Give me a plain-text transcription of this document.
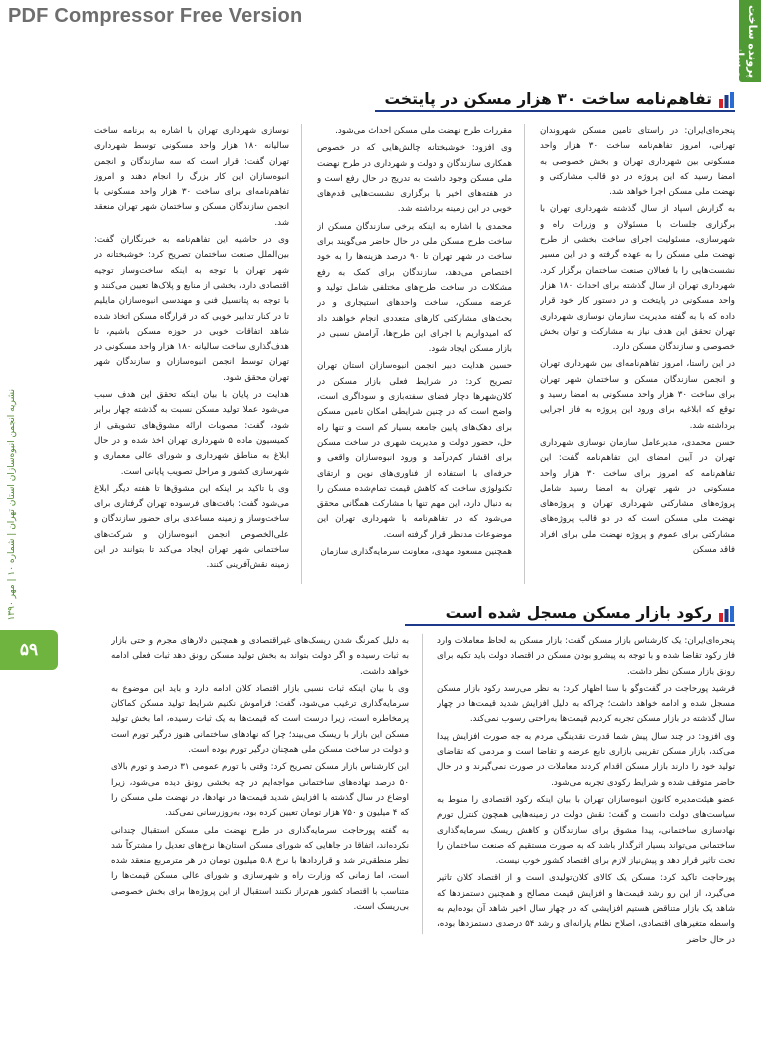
PDF Compressor Free Version	پرونده ساخت و ساز
نشریه انجمن انبوه‌سازان استان تهران | شماره ۱۰ | مهر ۱۳۹۰
۵۹
تفاهم‌نامه ساخت ۳۰ هزار مسکن در پایتخت

پنجره‌ای‌ایران: در راستای تامین مسکن شهروندان تهرانی، امروز تفاهم‌نامه ساخت ۳۰ هزار واحد مسکونی بین شهرداری تهران و بخش خصوصی به امضا رسید که این پروژه در دو قالب مشارکتی و نهضت ملی مسکن اجرا خواهد شد.

به گزارش اسپاد از سال گذشته شهرداری تهران با برگزاری جلسات با مسئولان و وزرات راه و شهرسازی، مسئولیت اجرای ساخت بخشی از طرح نهضت ملی مسکن را به عهده گرفته و در این مسیر نشست‌هایی را با فعالان صنعت ساختمان برگزار کرد. شهرداری تهران از سال گذشته برای احداث ۱۸۰ هزار واحد مسکونی در پایتخت و در دستور کار خود قرار داده که با به گفته مدیریت سازمان نوسازی شهرداری تهران تحقق این هدف نیاز به مشارکت و توان بخش خصوصی و سازندگان مسکن دارد.

در این راستا، امروز تفاهم‌نامه‌ای بین شهرداری تهران و انجمن سازندگان مسکن و ساختمان شهر تهران برای ساخت ۳۰ هزار واحد مسکونی به امضا رسید و توقع که ابلاغیه برای ورود این پروژه به فاز اجرایی برداشته شد.

حسن محمدی، مدیرعامل سازمان نوسازی شهرداری تهران در آیین امضای این تفاهم‌نامه گفت: این تفاهم‌نامه که امروز برای ساخت ۳۰ هزار واحد مسکونی در شهر تهران به امضا رسید شامل پروژه‌های مشارکتی شهرداری تهران و پروژه‌های نهضت ملی مسکن است که در دو قالب پروژه‌های مشارکتی برای عموم و پروژه نهضت ملی برای افراد فاقد مسکن

مقررات طرح نهضت ملی مسکن احداث می‌شود.

وی افزود: خوشبختانه چالش‌هایی که در خصوص همکاری سازندگان و دولت و شهرداری در طرح نهضت ملی مسکن وجود داشت به تدریج در حال رفع است و در هفته‌های اخیر با برگزاری نشست‌هایی قدم‌های خوبی در این زمینه برداشته شد.

محمدی با اشاره به اینکه برخی سازندگان مسکن از ساخت طرح مسکن ملی در حال حاضر می‌گویند برای ساخت در شهر تهران تا ۹۰ درصد هزینه‌ها را به خود اختصاص می‌دهد، سازندگان برای کمک به رفع مشکلات در ساخت طرح‌های مختلفی شامل تولید و عرضه مسکن، ساخت واحدهای استیجاری و در بحث‌های مشارکتی کارهای متعددی انجام خواهند داد که امیدواریم با اجرای این طرح‌ها، آرامش نسبی در بازار مسکن ایجاد شود.

حسین هدایت دبیر انجمن انبوه‌سازان استان تهران تصریح کرد: در شرایط فعلی بازار مسکن در کلان‌شهرها دچار فضای سفته‌بازی و سوداگری است، واضح است که در چنین شرایطی امکان تامین مسکن برای دهک‌های پایین جامعه بسیار کم است و تنها راه حل، حضور دولت و مدیریت شهری در ساخت مسکن برای اقشار کم‌درآمد و ورود انبوه‌سازان واقعی و حرفه‌ای با استفاده از فناوری‌های نوین و ارتقای تکنولوژی ساخت که کاهش قیمت تمام‌شده مسکن را به دنبال دارد، این مهم تنها با مشارکت همگانی محقق می‌شود که در تفاهم‌نامه با شهرداری تهران این موضوعات مدنظر قرار گرفته است.

همچنین مسعود مهدی، معاونت سرمایه‌گذاری سازمان

نوسازی شهرداری تهران با اشاره به برنامه ساخت سالیانه ۱۸۰ هزار واحد مسکونی توسط شهرداری تهران گفت: قرار است که سه سازندگان و انجمن انبوه‌سازان این کار بزرگ را انجام دهند و امروز تفاهم‌نامه‌ای برای ساخت ۳۰ هزار واحد مسکونی با انجمن سازندگان مسکن و ساختمان شهر تهران منعقد شد.

وی در حاشیه این تفاهم‌نامه به خبرنگاران گفت: بین‌الملل صنعت ساختمان تصریح کرد: خوشبختانه در شهر تهران با توجه به اینکه ساخت‌وساز توجیه اقتصادی دارد، بخشی از منابع و پلاک‌ها تعیین می‌کنند و با توجه به پتانسیل فنی و مهندسی انبوه‌سازان مایلیم تا در کنار تدابیر خوبی که در قرارگاه مسکن اتخاذ شده شاهد اتفاقات خوبی در حوزه مسکن باشیم، تا هدف‌گذاری ساخت سالیانه ۱۸۰ هزار واحد مسکونی در تهران توسط انجمن انبوه‌سازان و سازندگان شهر تهران محقق شود.

هدایت در پایان با بیان اینکه تحقق این هدف سبب می‌شود عملا تولید مسکن نسبت به گذشته چهار برابر شود، گفت: مصوبات ارائه مشوق‌های تشویقی از کمیسیون ماده ۵ شهرداری تهران اخذ شده و در حال ابلاغ به مناطق شهرداری و شورای عالی معماری و شهرسازی کشور و مراحل تصویب پایانی است.

وی با تاکید بر اینکه این مشوق‌ها تا هفته دیگر ابلاغ می‌شود گفت: بافت‌های فرسوده تهران گرفتاری برای ساخت‌وساز و زمینه مساعدی برای حضور سازندگان و علی‌الخصوص انجمن انبوه‌سازان و شرکت‌های ساختمانی شهر تهران ایجاد می‌کند تا بتوانند در این زمینه نقش‌آفرینی کنند.

رکود بازار مسکن مسجل شده است

پنجره‌ای‌ایران: یک کارشناس بازار مسکن گفت: بازار مسکن به لحاظ معاملات وارد فاز رکود تقاضا شده و با توجه به پیشرو بودن مسکن در اقتصاد دولت باید تکیه برای رونق بازار مسکن نظر داشت.

فرشید پورحاجت در گفت‌وگو با سنا اظهار کرد: به نظر می‌رسد رکود بازار مسکن مسجل شده و ادامه خواهد داشت؛ چراکه به دلیل افزایش شدید قیمت‌ها در چهار سال گذشته در بازار مسکن تجربه کردیم قیمت‌ها به‌راحتی رسوب نمی‌کند.

وی افزود: در چند سال پیش شما قدرت نقدینگی مردم به جه صورت افزایش پیدا می‌کند، بازار مسکن تقریبی بازاری تابع عرضه و تقاضا است و مردمی که تقاضای تولید خود را دارند بازار مسکن اقدام کردند معاملات در صورت نمی‌گیرند و در حال حاضر متوقف شده و شرایط رکودی تجربه می‌شود.

عضو هیئت‌مدیره کانون انبوه‌سازان تهران با بیان اینکه رکود اقتصادی را منوط به سیاست‌های دولت دانست و گفت: نقش دولت در زمینه‌هایی همچون کنترل تورم نهادسازی ساختمانی، پیدا مشوق برای سازندگان و کاهش ریسک سرمایه‌گذاری ساختمانی می‌تواند بسیار اثرگذار باشد که به صورت مستقیم که صنعت ساختمان را تحت تاثیر قرار دهد و پیش‌نیاز لازم برای اقتصاد کشور خوب نیست.

پورحاجت تاکید کرد: مسکن یک کالای کلان‌تولیدی است و از اقتصاد کلان تاثیر می‌گیرد، از این رو رشد قیمت‌ها و افزایش قیمت مصالح و همچنین دستمزدها که شاهد یک بازار متناقض هستیم افزایشی که در چهار سال اخیر شاهد آن بوده‌ایم به واسطه متغیرهای اقتصادی، اصلاح نظام یارانه‌ای و رشد ۵۴ درصدی دستمزدها بوده، در حال حاضر

به دلیل کمرنگ شدن ریسک‌های غیراقتصادی و همچنین دلارهای مجرم و حتی بازار به ثبات رسیده و اگر دولت بتواند به بخش تولید مسکن رونق دهد ثبات فعلی ادامه خواهد داشت.

وی با بیان اینکه ثبات نسبی بازار اقتصاد کلان ادامه دارد و باید این موضوع به سرمایه‌گذاری ترغیب می‌شود، گفت: فراموش نکنیم شرایط تولید مسکن کماکان پرمخاطره است، زیرا درست است که قیمت‌ها به یک ثبات رسیده، اما بخش تولید مسکن این بازار با ریسک می‌بیند؛ چرا که نهادهای ساختمانی هنوز درگیر تورم است و دولت در ساخت مسکن ملی همچنان درگیر تورم بوده است.

این کارشناس بازار مسکن تصریح کرد: وقتی با تورم عمومی ۳۱ درصد و تورم بالای ۵۰ درصد نهاده‌های ساختمانی مواجه‌ایم در چه بخشی رونق دیده می‌شود، زیرا اوضاع در سال گذشته با افزایش شدید قیمت‌ها در نهادها، در نهضت ملی مسکن را که ۴ میلیون و ۷۵۰ هزار تومان تعیین کرده بود، به‌روزرسانی نمی‌کند.

به گفته پورحاجت سرمایه‌گذاری در طرح نهضت ملی مسکن استقبال چندانی نکرده‌اند، اتفاقا در جاهایی که شورای مسکن استان‌ها نرخ‌های تعدیل را مشترکاً شد نظر منطقی‌تر شد و قراردادها با نرخ ۵.۸ میلیون تومان در هر مترمربع منعقد شده است، اما زمانی که وزارت راه و شهرسازی و شورای عالی مسکن قیمت‌ها را متناسب با اقتصاد کشور هم‌تراز نکنند استقبال از این پروژه‌ها برای بخش خصوصی بی‌ریسک است.
